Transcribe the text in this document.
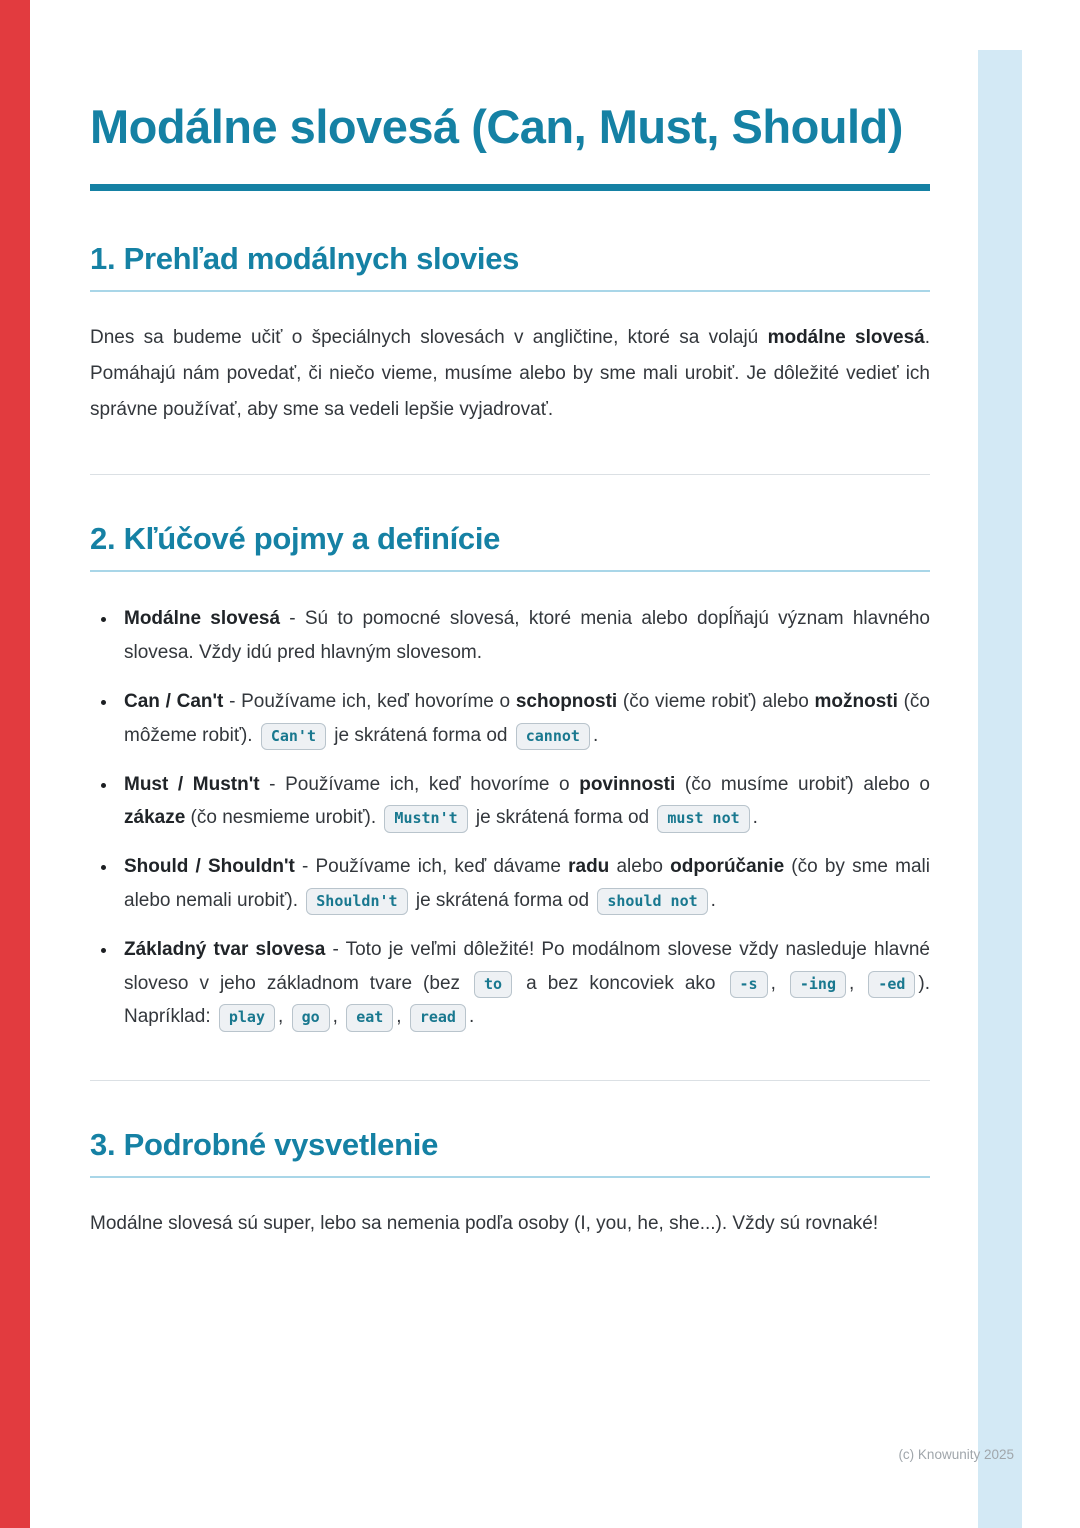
Modálne slovesá (Can, Must, Should)
1. Prehľad modálnych slovies

Dnes sa budeme učiť o špeciálnych slovesách v angličtine, ktoré sa volajú modálne slovesá. Pomáhajú nám povedať, či niečo vieme, musíme alebo by sme mali urobiť. Je dôležité vedieť ich správne používať, aby sme sa vedeli lepšie vyjadrovať.

2. Kľúčové pojmy a definície
• Modálne slovesá - Sú to pomocné slovesá, ktoré menia alebo dopĺňajú význam hlavného slovesa. Vždy idú pred hlavným slovesom.
• Can / Can't - Používame ich, keď hovoríme o schopnosti (čo vieme robiť) alebo možnosti (čo môžeme robiť). Can't je skrátená forma od cannot .
• Must / Mustn't - Používame ich, keď hovoríme o povinnosti (čo musíme urobiť) alebo o zákaze (čo nesmieme urobiť). Mustn't je skrátená forma od must not .
• Should / Shouldn't - Používame ich, keď dávame radu alebo odporúčanie (čo by sme mali alebo nemali urobiť). Shouldn't je skrátená forma od should not .
• Základný tvar slovesa - Toto je veľmi dôležité! Po modálnom slovese vždy nasleduje hlavné sloveso v jeho základnom tvare (bez to a bez koncoviek ako -s , -ing , -ed ). Napríklad: play , go , eat , read .
3. Podrobné vysvetlenie

Modálne slovesá sú super, lebo sa nemenia podľa osoby (I, you, he, she...). Vždy sú rovnaké!

(c) Knowunity 2025
